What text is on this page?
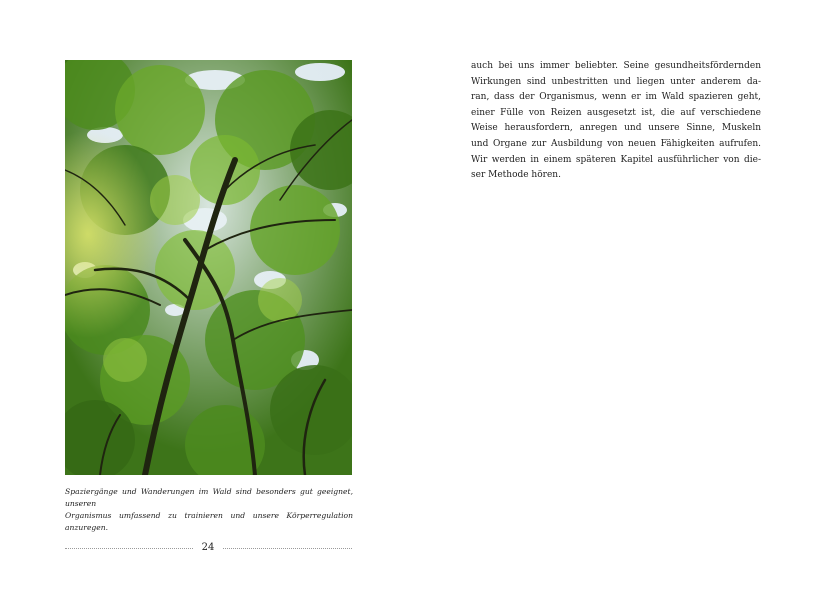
Spaziergänge und Wanderungen im Wald sind besonders gut geeignet, unseren
Organismus umfassend zu trainieren und unsere Körperregulation anzuregen.
24
auch bei uns immer beliebter. Seine gesundheitsfördernden
Wirkungen sind unbestritten und liegen unter anderem da-
ran, dass der Organismus, wenn er im Wald spazieren geht,
einer Fülle von Reizen ausgesetzt ist, die auf verschiedene
Weise herausfordern, anregen und unsere Sinne, Muskeln
und Organe zur Ausbildung von neuen Fähigkeiten aufrufen.
Wir werden in einem späteren Kapitel ausführlicher von die-
ser Methode hören.
